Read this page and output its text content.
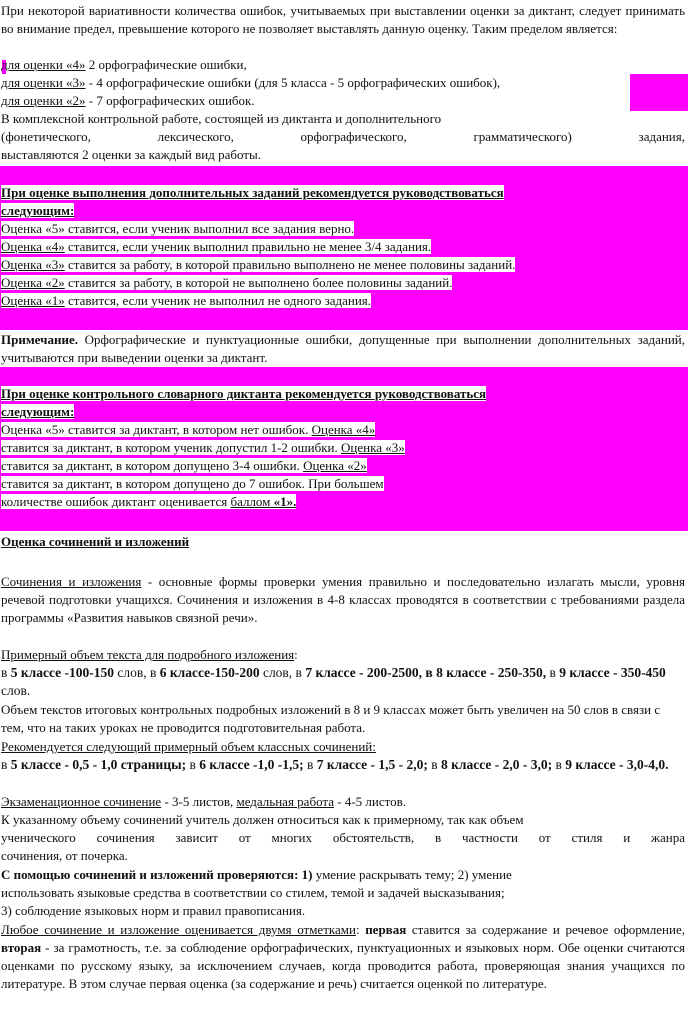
При некоторой вариативности количества ошибок, учитываемых при выставлении оценки за диктант, следует принимать во внимание предел, превышение которого не позволяет выставлять данную оценку. Таким пределом является:
для оценки «4» 2 орфографические ошибки,
для оценки «3» - 4 орфографические ошибки (для 5 класса - 5 орфографических ошибок),
для оценки «2» - 7 орфографических ошибок.
В комплексной контрольной работе, состоящей из диктанта и дополнительного
(фонетического, лексического, орфографического, грамматического) задания,
выставляются 2 оценки за каждый вид работы.
При оценке выполнения дополнительных заданий рекомендуется руководствоваться
следующим:
Оценка «5» ставится, если ученик выполнил все задания верно.
Оценка «4» ставится, если ученик выполнил правильно не менее 3/4 задания.
Оценка «3» ставится за работу, в которой правильно выполнено не менее половины заданий.
Оценка «2» ставится за работу, в которой не выполнено более половины заданий.
Оценка «1» ставится, если ученик не выполнил не одного задания.
Примечание. Орфографические и пунктуационные ошибки, допущенные при выполнении дополнительных заданий, учитываются при выведении оценки за диктант.
При оценке контрольного словарного диктанта рекомендуется руководствоваться
следующим:
Оценка «5» ставится за диктант, в котором нет ошибок. Оценка «4»
ставится за диктант, в котором ученик допустил 1-2 ошибки. Оценка «3»
ставится за диктант, в котором допущено 3-4 ошибки. Оценка «2»
ставится за диктант, в котором допущено до 7 ошибок. При большем
количестве ошибок диктант оценивается баллом «1».
Оценка сочинений и изложений
Сочинения и изложения - основные формы проверки умения правильно и последовательно излагать мысли, уровня речевой подготовки учащихся. Сочинения и изложения в 4-8 классах проводятся в соответствии с требованиями раздела программы «Развития навыков связной речи».
Примерный объем текста для подробного изложения:
в 5 классе -100-150 слов, в 6 классе-150-200 слов, в 7 классе - 200-2500, в 8 классе - 250-350, в 9 классе - 350-450 слов.
Объем текстов итоговых контрольных подробных изложений в 8 и 9 классах может быть увеличен на 50 слов в связи с тем, что на таких уроках не проводится подготовительная работа.
Рекомендуется следующий примерный объем классных сочинений:
в 5 классе - 0,5 - 1,0 страницы; в 6 классе -1,0 -1,5; в 7 классе - 1,5 - 2,0; в 8 классе - 2,0 - 3,0; в 9 классе - 3,0-4,0.
Экзаменационное сочинение - 3-5 листов, медальная работа - 4-5 листов.
К указанному объему сочинений учитель должен относиться как к примерному, так как объем
ученического сочинения зависит от многих обстоятельств, в частности от стиля и жанра
сочинения, от почерка.
С помощью сочинений и изложений проверяются: 1) умение раскрывать тему; 2) умение
использовать языковые средства в соответствии со стилем, темой и задачей высказывания;
3) соблюдение языковых норм и правил правописания.
Любое сочинение и изложение оценивается двумя отметками: первая ставится за содержание и речевое оформление, вторая - за грамотность, т.е. за соблюдение орфографических, пунктуационных и языковых норм. Обе оценки считаются оценками по русскому языку, за исключением случаев, когда проводится работа, проверяющая знания учащихся по литературе. В этом случае первая оценка (за содержание и речь) считается оценкой по литературе.
